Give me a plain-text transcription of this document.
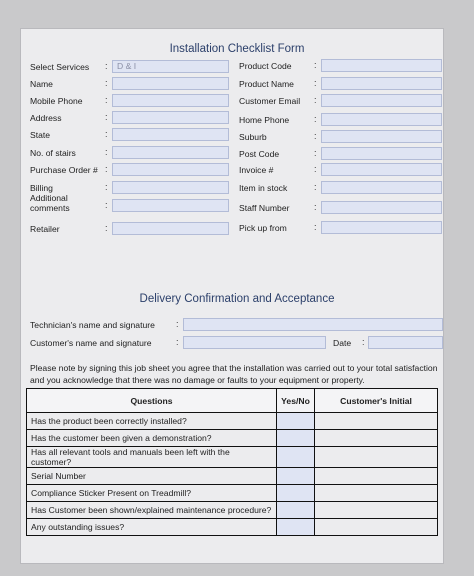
Installation Checklist Form
Select Services	:	D & I
Name	:
Mobile Phone	:
Address	:
State	:
No. of stairs	:
Purchase Order # :
Billing	:
Additional comments	:
Retailer	:
Product Code :
Product Name :
Customer Email :
Home Phone	:
Suburb	:
Post Code	:
Invoice #	:
Item in stock	:
Staff Number	:
Pick up from	:
Delivery Confirmation and Acceptance
Technician's name and signature :
Customer's name and signature	:	Date :
Please note by signing this job sheet you agree that the installation was carried out to your total satisfaction
and you acknowledge that there was no damage or faults to your equipment or property.
Questions	Yes/No	Customer's Initial
Has the product been correctly installed?		
Has the customer been given a demonstration?		
Has all relevant tools and manuals been left with the customer?		
Serial Number		
Compliance Sticker Present on Treadmill?		
Has Customer been shown/explained maintenance procedure?		
Any outstanding issues?		
